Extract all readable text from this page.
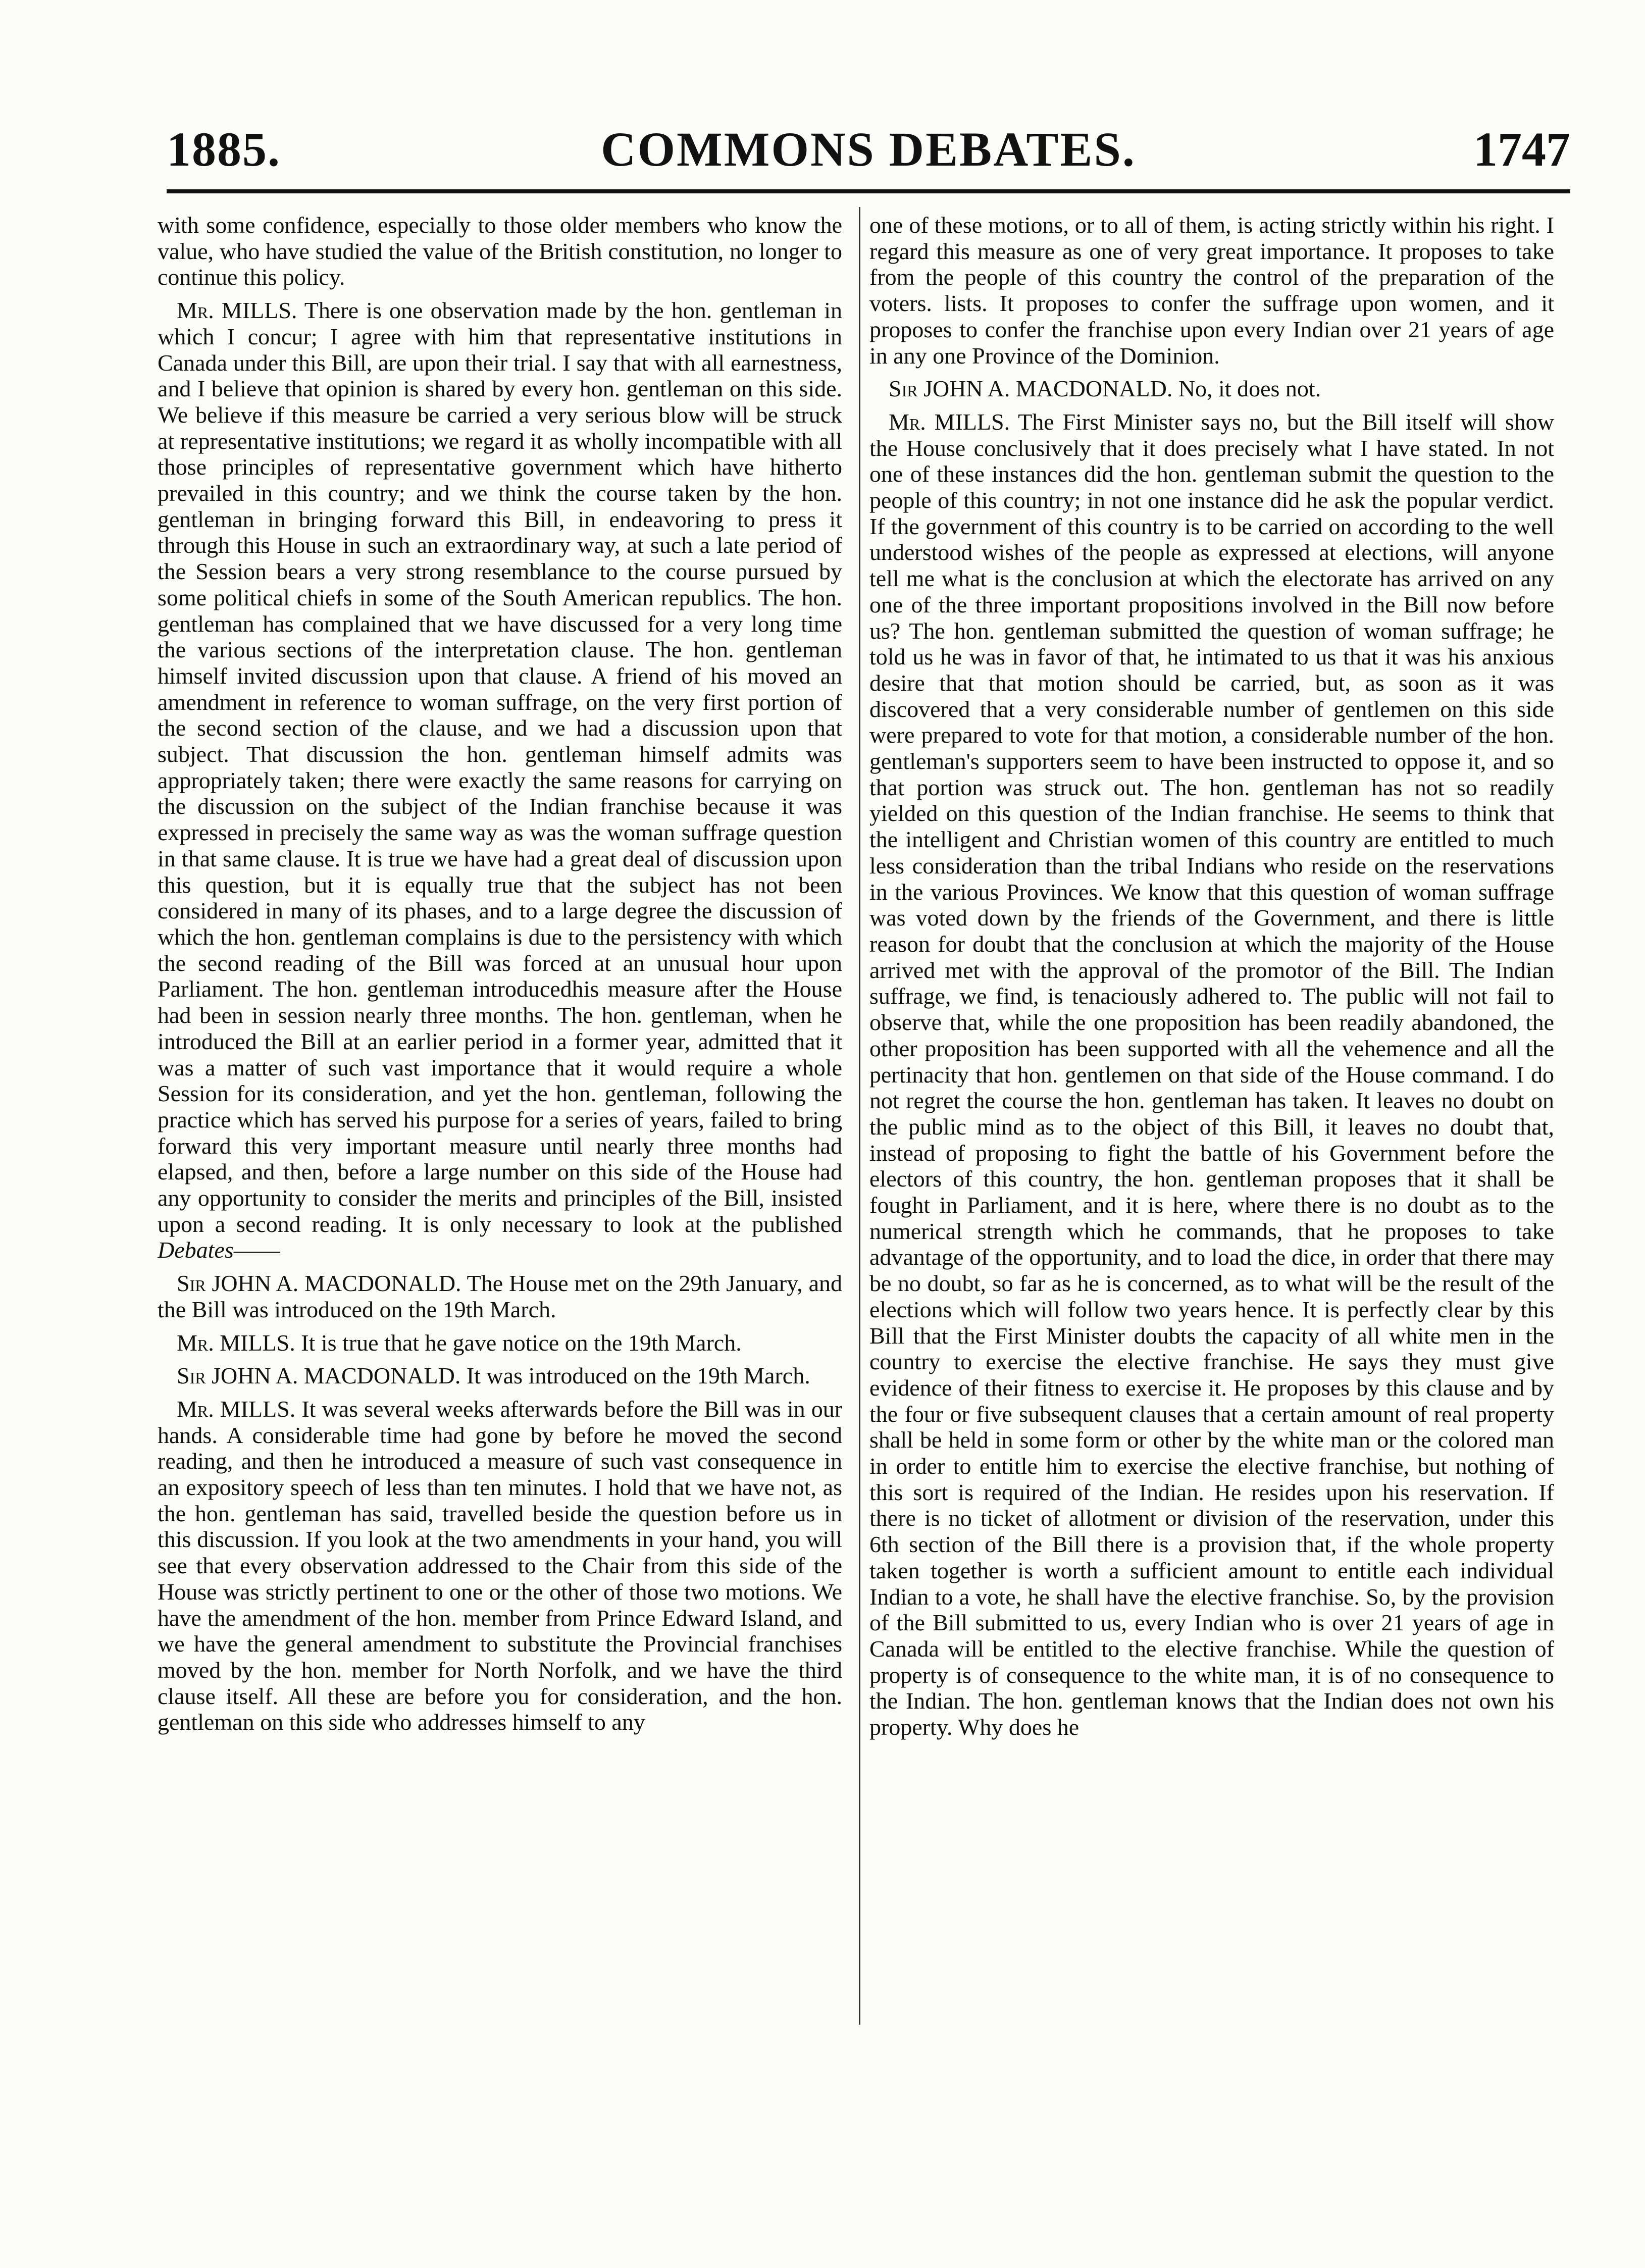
1885.	COMMONS DEBATES.	1747

with some confidence, especially to those older members who know the value, who have studied the value of the British constitution, no longer to continue this policy.

Mr. MILLS. There is one observation made by the hon. gentleman in which I concur; I agree with him that representative institutions in Canada under this Bill, are upon their trial. I say that with all earnestness, and I believe that opinion is shared by every hon. gentleman on this side. We believe if this measure be carried a very serious blow will be struck at representative institutions; we regard it as wholly incompatible with all those principles of representative government which have hitherto prevailed in this country; and we think the course taken by the hon. gentleman in bringing forward this Bill, in endeavoring to press it through this House in such an extraordinary way, at such a late period of the Session bears a very strong resemblance to the course pursued by some political chiefs in some of the South American republics. The hon. gentleman has complained that we have discussed for a very long time the various sections of the interpretation clause. The hon. gentleman himself invited discussion upon that clause. A friend of his moved an amendment in reference to woman suffrage, on the very first portion of the second section of the clause, and we had a discussion upon that subject. That discussion the hon. gentleman himself admits was appropriately taken; there were exactly the same reasons for carrying on the discussion on the subject of the Indian franchise because it was expressed in precisely the same way as was the woman suffrage question in that same clause. It is true we have had a great deal of discussion upon this question, but it is equally true that the subject has not been considered in many of its phases, and to a large degree the discussion of which the hon. gentleman complains is due to the persistency with which the second reading of the Bill was forced at an unusual hour upon Parliament. The hon. gentleman introducedhis measure after the House had been in session nearly three months. The hon. gentleman, when he introduced the Bill at an earlier period in a former year, admitted that it was a matter of such vast importance that it would require a whole Session for its consideration, and yet the hon. gentleman, following the practice which has served his purpose for a series of years, failed to bring forward this very important measure until nearly three months had elapsed, and then, before a large number on this side of the House had any opportunity to consider the merits and principles of the Bill, insisted upon a second reading. It is only necessary to look at the published Debates——

Sir JOHN A. MACDONALD. The House met on the 29th January, and the Bill was introduced on the 19th March.

Mr. MILLS. It is true that he gave notice on the 19th March.

Sir JOHN A. MACDONALD. It was introduced on the 19th March.

Mr. MILLS. It was several weeks afterwards before the Bill was in our hands. A considerable time had gone by before he moved the second reading, and then he introduced a measure of such vast consequence in an expository speech of less than ten minutes. I hold that we have not, as the hon. gentleman has said, travelled beside the question before us in this discussion. If you look at the two amendments in your hand, you will see that every observation addressed to the Chair from this side of the House was strictly pertinent to one or the other of those two motions. We have the amendment of the hon. member from Prince Edward Island, and we have the general amendment to substitute the Provincial franchises moved by the hon. member for North Norfolk, and we have the third clause itself. All these are before you for consideration, and the hon. gentleman on this side who addresses himself to any

one of these motions, or to all of them, is acting strictly within his right. I regard this measure as one of very great importance. It proposes to take from the people of this country the control of the preparation of the voters. lists. It proposes to confer the suffrage upon women, and it proposes to confer the franchise upon every Indian over 21 years of age in any one Province of the Dominion.

Sir JOHN A. MACDONALD. No, it does not.

Mr. MILLS. The First Minister says no, but the Bill itself will show the House conclusively that it does precisely what I have stated. In not one of these instances did the hon. gentleman submit the question to the people of this country; in not one instance did he ask the popular verdict. If the government of this country is to be carried on according to the well understood wishes of the people as expressed at elections, will anyone tell me what is the conclusion at which the electorate has arrived on any one of the three important propositions involved in the Bill now before us? The hon. gentleman submitted the question of woman suffrage; he told us he was in favor of that, he intimated to us that it was his anxious desire that that motion should be carried, but, as soon as it was discovered that a very considerable number of gentlemen on this side were prepared to vote for that motion, a considerable number of the hon. gentleman's supporters seem to have been instructed to oppose it, and so that portion was struck out. The hon. gentleman has not so readily yielded on this question of the Indian franchise. He seems to think that the intelligent and Christian women of this country are entitled to much less consideration than the tribal Indians who reside on the reservations in the various Provinces. We know that this question of woman suffrage was voted down by the friends of the Government, and there is little reason for doubt that the conclusion at which the majority of the House arrived met with the approval of the promotor of the Bill. The Indian suffrage, we find, is tenaciously adhered to. The public will not fail to observe that, while the one proposition has been readily abandoned, the other proposition has been supported with all the vehemence and all the pertinacity that hon. gentlemen on that side of the House command. I do not regret the course the hon. gentleman has taken. It leaves no doubt on the public mind as to the object of this Bill, it leaves no doubt that, instead of proposing to fight the battle of his Government before the electors of this country, the hon. gentleman proposes that it shall be fought in Parliament, and it is here, where there is no doubt as to the numerical strength which he commands, that he proposes to take advantage of the opportunity, and to load the dice, in order that there may be no doubt, so far as he is concerned, as to what will be the result of the elections which will follow two years hence. It is perfectly clear by this Bill that the First Minister doubts the capacity of all white men in the country to exercise the elective franchise. He says they must give evidence of their fitness to exercise it. He proposes by this clause and by the four or five subsequent clauses that a certain amount of real property shall be held in some form or other by the white man or the colored man in order to entitle him to exercise the elective franchise, but nothing of this sort is required of the Indian. He resides upon his reservation. If there is no ticket of allotment or division of the reservation, under this 6th section of the Bill there is a provision that, if the whole property taken together is worth a sufficient amount to entitle each individual Indian to a vote, he shall have the elective franchise. So, by the provision of the Bill submitted to us, every Indian who is over 21 years of age in Canada will be entitled to the elective franchise. While the question of property is of consequence to the white man, it is of no consequence to the Indian. The hon. gentleman knows that the Indian does not own his property. Why does he
